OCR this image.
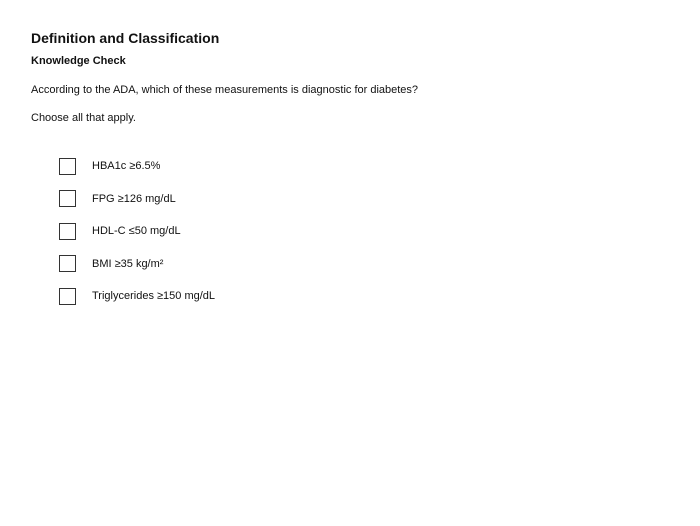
Definition and Classification
Knowledge Check

According to the ADA, which of these measurements is diagnostic for diabetes?

Choose all that apply.

HBA1c ≥6.5%
FPG ≥126 mg/dL
HDL-C ≤50 mg/dL
BMI ≥35 kg/m²
Triglycerides ≥150 mg/dL
